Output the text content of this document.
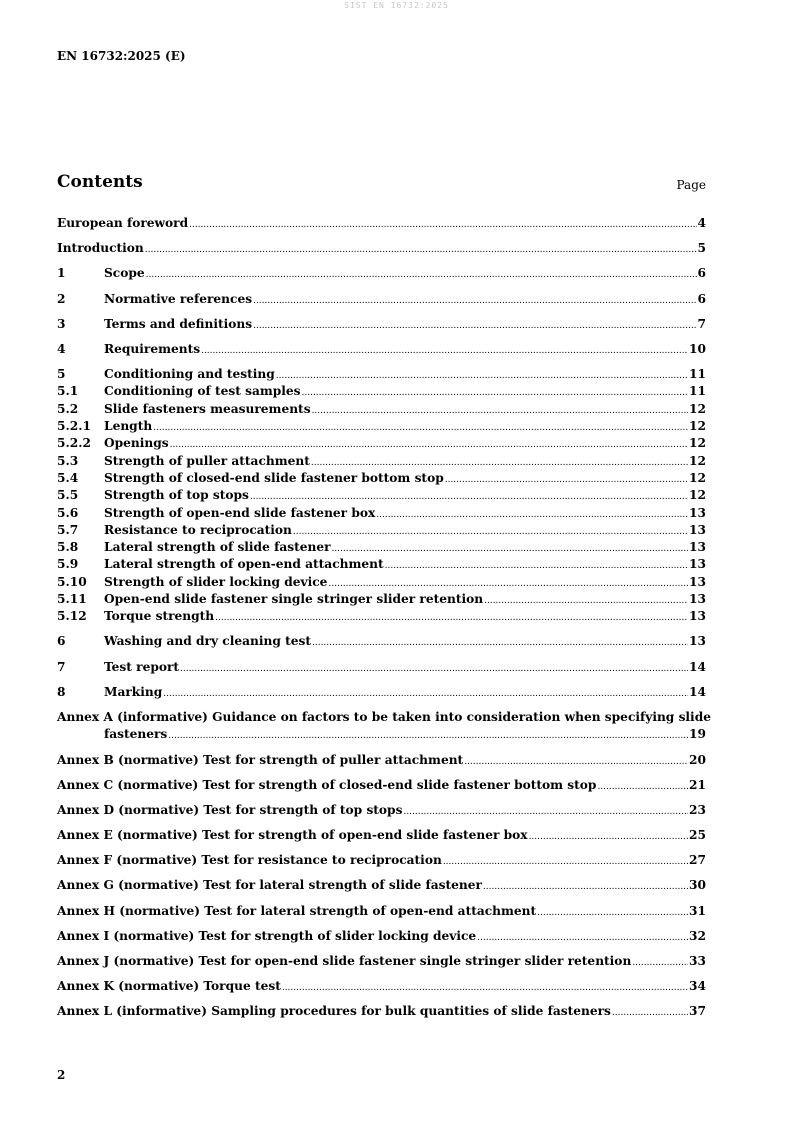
SIST EN 16732:2025
EN 16732:2025 (E)
Contents	Page
European foreword .....	4
Introduction .....	5
1	Scope .....	6
2	Normative references .....	6
3	Terms and definitions .....	7
4	Requirements .....	10
5	Conditioning and testing .....	11
5.1	Conditioning of test samples .....	11
5.2	Slide fasteners measurements .....	12
5.2.1	Length .....	12
5.2.2	Openings .....	12
5.3	Strength of puller attachment .....	12
5.4	Strength of closed-end slide fastener bottom stop .....	12
5.5	Strength of top stops .....	12
5.6	Strength of open-end slide fastener box .....	13
5.7	Resistance to reciprocation .....	13
5.8	Lateral strength of slide fastener .....	13
5.9	Lateral strength of open-end attachment .....	13
5.10	Strength of slider locking device .....	13
5.11	Open-end slide fastener single stringer slider retention .....	13
5.12	Torque strength .....	13
6	Washing and dry cleaning test .....	13
7	Test report .....	14
8	Marking .....	14
Annex A (informative) Guidance on factors to be taken into consideration when specifying slide
fasteners .....	19
Annex B (normative) Test for strength of puller attachment .....	20
Annex C (normative) Test for strength of closed-end slide fastener bottom stop .....	21
Annex D (normative) Test for strength of top stops .....	23
Annex E (normative) Test for strength of open-end slide fastener box .....	25
Annex F (normative) Test for resistance to reciprocation .....	27
Annex G (normative) Test for lateral strength of slide fastener .....	30
Annex H (normative) Test for lateral strength of open-end attachment .....	31
Annex I (normative) Test for strength of slider locking device .....	32
Annex J (normative) Test for open-end slide fastener single stringer slider retention .....	33
Annex K (normative) Torque test .....	34
Annex L (informative) Sampling procedures for bulk quantities of slide fasteners .....	37
2
